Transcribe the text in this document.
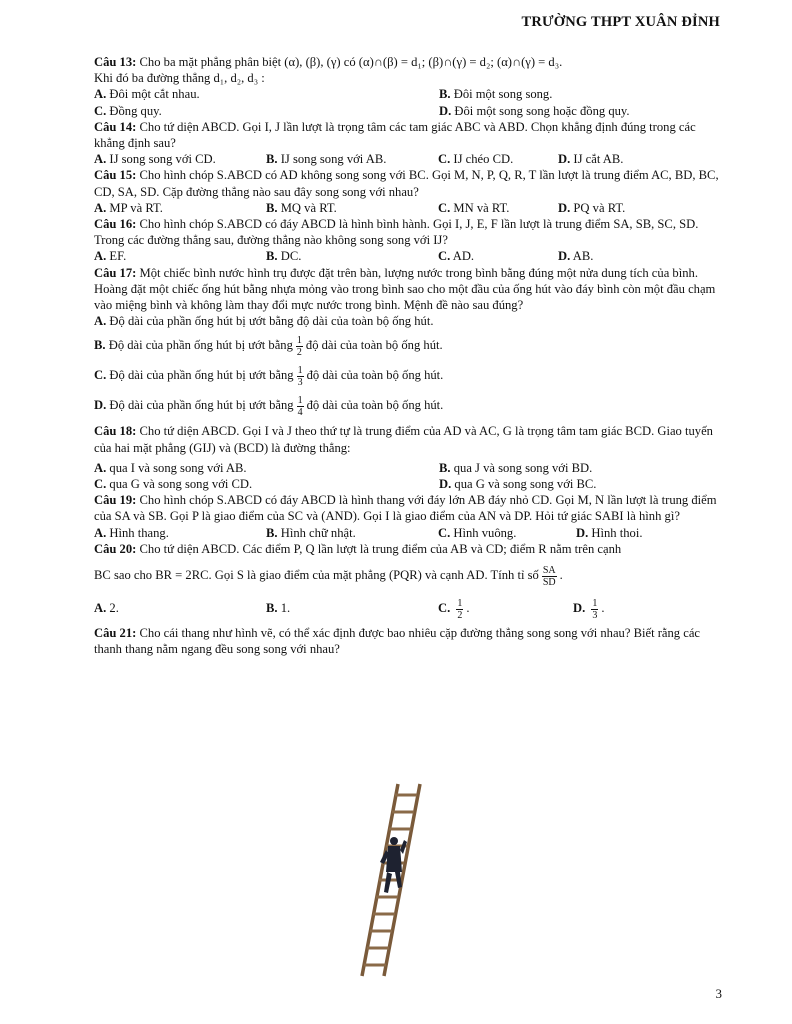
TRƯỜNG THPT XUÂN ĐỈNH

Câu 13: Cho ba mặt phẳng phân biệt (α), (β), (γ) có (α)∩(β) = d₁; (β)∩(γ) = d₂; (α)∩(γ) = d₃.

Khi đó ba đường thẳng d₁, d₂, d₃ :

A. Đôi một cắt nhau.	B. Đôi một song song.
C. Đồng quy.	D. Đôi một song song hoặc đồng quy.

Câu 14: Cho tứ diện ABCD. Gọi I, J lần lượt là trọng tâm các tam giác ABC và ABD. Chọn khẳng định đúng trong các khẳng định sau?

A. IJ song song với CD.	B. IJ song song với AB.	C. IJ chéo CD.	D. IJ cắt AB.

Câu 15: Cho hình chóp S.ABCD có AD không song song với BC. Gọi M, N, P, Q, R, T lần lượt là trung điểm AC, BD, BC, CD, SA, SD. Cặp đường thẳng nào sau đây song song với nhau?

A. MP và RT.	B. MQ và RT.	C. MN và RT.	D. PQ và RT.

Câu 16: Cho hình chóp S.ABCD có đáy ABCD là hình bình hành. Gọi I, J, E, F lần lượt là trung điểm SA, SB, SC, SD. Trong các đường thẳng sau, đường thẳng nào không song song với IJ?

A. EF.	B. DC.	C. AD.	D. AB.

Câu 17: Một chiếc bình nước hình trụ được đặt trên bàn, lượng nước trong bình bằng đúng một nửa dung tích của bình. Hoàng đặt một chiếc ống hút bằng nhựa mỏng vào trong bình sao cho một đầu của ống hút vào đáy bình còn một đầu chạm vào miệng bình và không làm thay đổi mực nước trong bình. Mệnh đề nào sau đúng?

A. Độ dài của phần ống hút bị ướt bằng độ dài của toàn bộ ống hút.

B. Độ dài của phần ống hút bị ướt bằng $\frac{1}{2}$ độ dài của toàn bộ ống hút.

C. Độ dài của phần ống hút bị ướt bằng $\frac{1}{3}$ độ dài của toàn bộ ống hút.

D. Độ dài của phần ống hút bị ướt bằng $\frac{1}{4}$ độ dài của toàn bộ ống hút.

Câu 18: Cho tứ diện ABCD. Gọi I và J theo thứ tự là trung điểm của AD và AC, G là trọng tâm tam giác BCD. Giao tuyến của hai mặt phẳng (GIJ) và (BCD) là đường thẳng:

A. qua I và song song với AB.	B. qua J và song song với BD.
C. qua G và song song với CD.	D. qua G và song song với BC.

Câu 19: Cho hình chóp S.ABCD có đáy ABCD là hình thang với đáy lớn AB đáy nhỏ CD. Gọi M, N lần lượt là trung điểm của SA và SB. Gọi P là giao điểm của SC và (AND). Gọi I là giao điểm của AN và DP. Hỏi tứ giác SABI là hình gì?

A. Hình thang.	B. Hình chữ nhật.	C. Hình vuông.	D. Hình thoi.

Câu 20: Cho tứ diện ABCD. Các điểm P, Q lần lượt là trung điểm của AB và CD; điểm R nằm trên cạnh

BC sao cho BR = 2RC. Gọi S là giao điểm của mặt phẳng (PQR) và cạnh AD. Tính tỉ số $\frac{SA}{SD}$ .

A. 2.	B. 1.	C. $\frac{1}{2}$ .	D. $\frac{1}{3}$ .

Câu 21: Cho cái thang như hình vẽ, có thể xác định được bao nhiêu cặp đường thẳng song song với nhau? Biết rằng các thanh thang nằm ngang đều song song với nhau?

3
